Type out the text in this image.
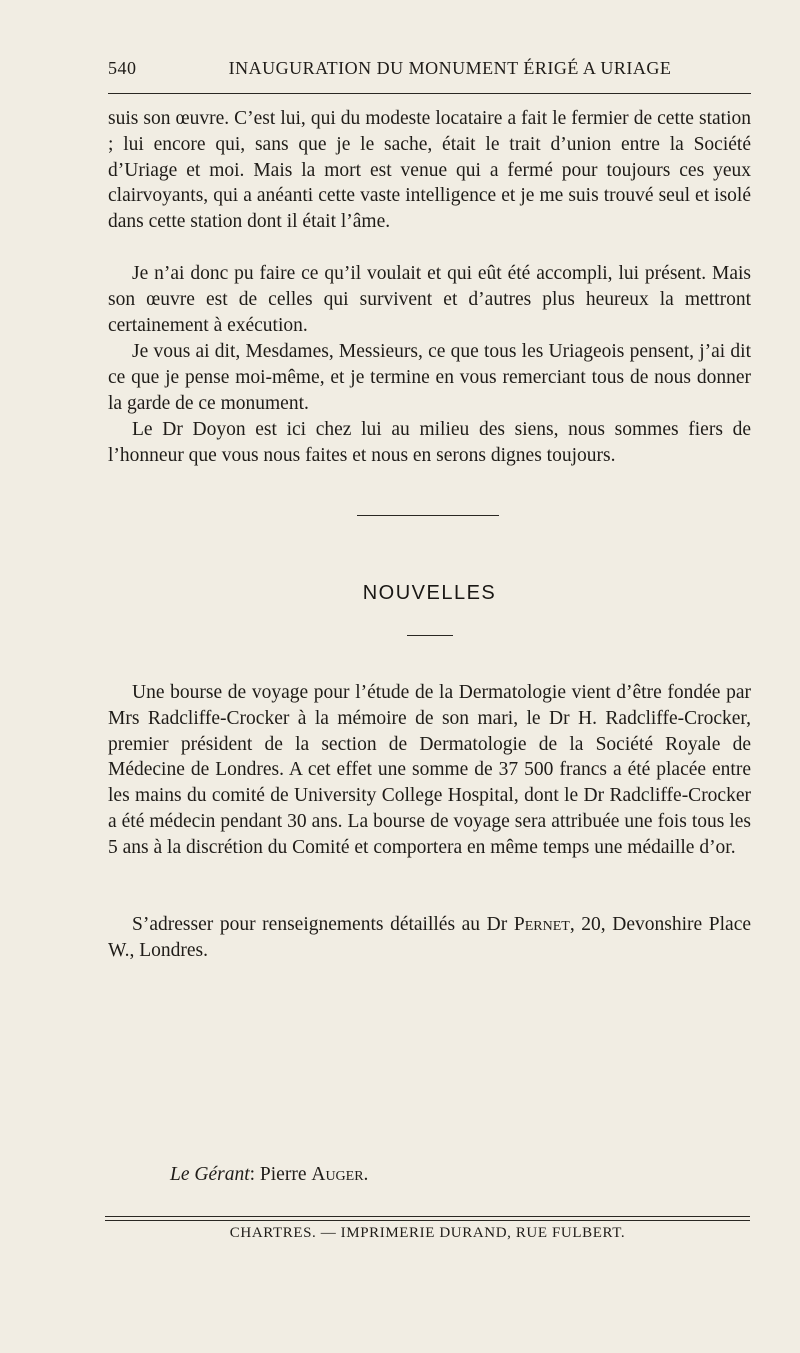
540	INAUGURATION DU MONUMENT ÉRIGÉ A URIAGE

suis son œuvre. C’est lui, qui du modeste locataire a fait le fermier de cette station ; lui encore qui, sans que je le sache, était le trait d’union entre la Société d’Uriage et moi. Mais la mort est venue qui a fermé pour toujours ces yeux clairvoyants, qui a anéanti cette vaste intelligence et je me suis trouvé seul et isolé dans cette station dont il était l’âme.

Je n’ai donc pu faire ce qu’il voulait et qui eût été accompli, lui présent. Mais son œuvre est de celles qui survivent et d’autres plus heureux la mettront certainement à exécution.

Je vous ai dit, Mesdames, Messieurs, ce que tous les Uriageois pensent, j’ai dit ce que je pense moi-même, et je termine en vous remerciant tous de nous donner la garde de ce monument.

Le Dr Doyon est ici chez lui au milieu des siens, nous sommes fiers de l’honneur que vous nous faites et nous en serons dignes toujours.

NOUVELLES

Une bourse de voyage pour l’étude de la Dermatologie vient d’être fondée par Mrs Radcliffe-Crocker à la mémoire de son mari, le Dr H. Radcliffe-Crocker, premier président de la section de Dermatologie de la Société Royale de Médecine de Londres. A cet effet une somme de 37 500 francs a été placée entre les mains du comité de University College Hospital, dont le Dr Radcliffe-Crocker a été médecin pendant 30 ans. La bourse de voyage sera attribuée une fois tous les 5 ans à la discrétion du Comité et comportera en même temps une médaille d’or.

S’adresser pour renseignements détaillés au Dr Pernet, 20, Devonshire Place W., Londres.

Le Gérant: Pierre Auger.
CHARTRES. — IMPRIMERIE DURAND, RUE FULBERT.
